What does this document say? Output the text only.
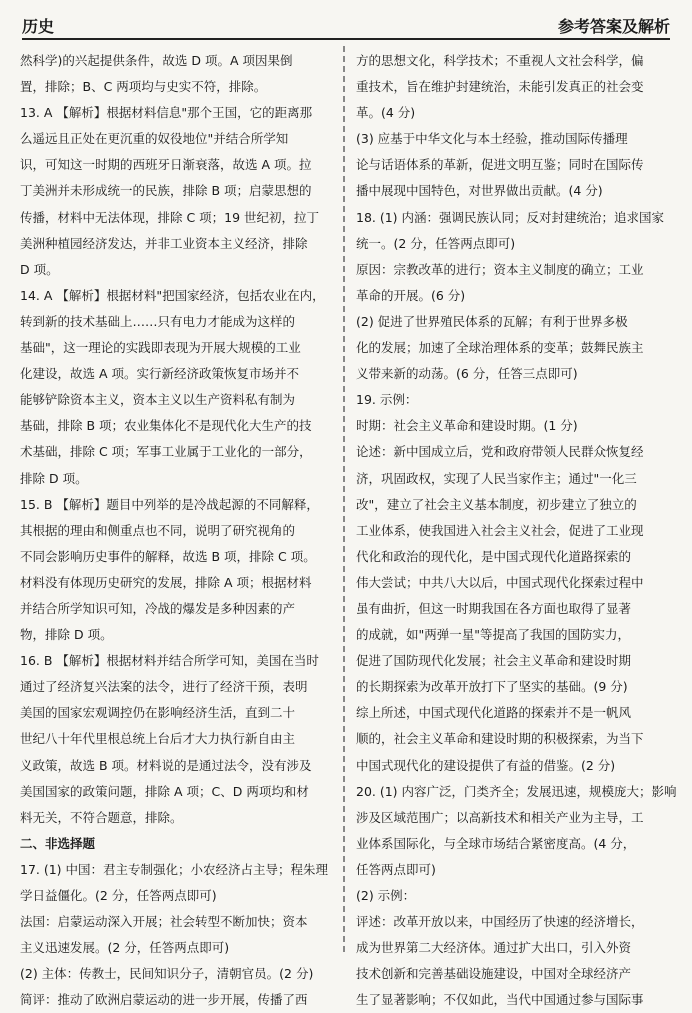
历史	参考答案及解析

然科学)的兴起提供条件，故选 D 项。A 项因果倒

置，排除；B、C 两项均与史实不符，排除。

13. A 【解析】根据材料信息"那个王国，它的距离那

么遥远且正处在更沉重的奴役地位"并结合所学知

识，可知这一时期的西班牙日渐衰落，故选 A 项。拉

丁美洲并未形成统一的民族，排除 B 项；启蒙思想的

传播，材料中无法体现，排除 C 项；19 世纪初，拉丁

美洲种植园经济发达，并非工业资本主义经济，排除

D 项。

14. A 【解析】根据材料"把国家经济，包括农业在内，

转到新的技术基础上……只有电力才能成为这样的

基础"，这一理论的实践即表现为开展大规模的工业

化建设，故选 A 项。实行新经济政策恢复市场并不

能够铲除资本主义，资本主义以生产资料私有制为

基础，排除 B 项；农业集体化不是现代化大生产的技

术基础，排除 C 项；军事工业属于工业化的一部分，

排除 D 项。

15. B 【解析】题目中列举的是冷战起源的不同解释，

其根据的理由和侧重点也不同，说明了研究视角的

不同会影响历史事件的解释，故选 B 项，排除 C 项。

材料没有体现历史研究的发展，排除 A 项；根据材料

并结合所学知识可知，冷战的爆发是多种因素的产

物，排除 D 项。

16. B 【解析】根据材料并结合所学可知，美国在当时

通过了经济复兴法案的法令，进行了经济干预，表明

美国的国家宏观调控仍在影响经济生活，直到二十

世纪八十年代里根总统上台后才大力执行新自由主

义政策，故选 B 项。材料说的是通过法令，没有涉及

美国国家的政策问题，排除 A 项；C、D 两项均和材

料无关，不符合题意，排除。

二、非选择题

17. (1) 中国：君主专制强化；小农经济占主导；程朱理

学日益僵化。(2 分，任答两点即可)

法国：启蒙运动深入开展；社会转型不断加快；资本

主义迅速发展。(2 分，任答两点即可)

(2) 主体：传教士，民间知识分子，清朝官员。(2 分)

简评：推动了欧洲启蒙运动的进一步开展，传播了西

方的思想文化，科学技术；不重视人文社会科学，偏

重技术，旨在维护封建统治，未能引发真正的社会变

革。(4 分)

(3) 应基于中华文化与本土经验，推动国际传播理

论与话语体系的革新，促进文明互鉴；同时在国际传

播中展现中国特色，对世界做出贡献。(4 分)

18. (1) 内涵：强调民族认同；反对封建统治；追求国家

统一。(2 分，任答两点即可)

原因：宗教改革的进行；资本主义制度的确立；工业

革命的开展。(6 分)

(2) 促进了世界殖民体系的瓦解；有利于世界多极

化的发展；加速了全球治理体系的变革；鼓舞民族主

义带来新的动荡。(6 分，任答三点即可)

19. 示例：

时期：社会主义革命和建设时期。(1 分)

论述：新中国成立后，党和政府带领人民群众恢复经

济，巩固政权，实现了人民当家作主；通过"一化三

改"，建立了社会主义基本制度，初步建立了独立的

工业体系，使我国进入社会主义社会，促进了工业现

代化和政治的现代化，是中国式现代化道路探索的

伟大尝试；中共八大以后，中国式现代化探索过程中

虽有曲折，但这一时期我国在各方面也取得了显著

的成就，如"两弹一星"等提高了我国的国防实力，

促进了国防现代化发展；社会主义革命和建设时期

的长期探索为改革开放打下了坚实的基础。(9 分)

综上所述，中国式现代化道路的探索并不是一帆风

顺的，社会主义革命和建设时期的积极探索，为当下

中国式现代化的建设提供了有益的借鉴。(2 分)

20. (1) 内容广泛，门类齐全；发展迅速，规模庞大；影响

涉及区域范围广；以高新技术和相关产业为主导，工

业体系国际化，与全球市场结合紧密度高。(4 分，

任答两点即可)

(2) 示例：

评述：改革开放以来，中国经历了快速的经济增长，

成为世界第二大经济体。通过扩大出口，引入外资

技术创新和完善基础设施建设，中国对全球经济产

生了显著影响；不仅如此，当代中国通过参与国际事
